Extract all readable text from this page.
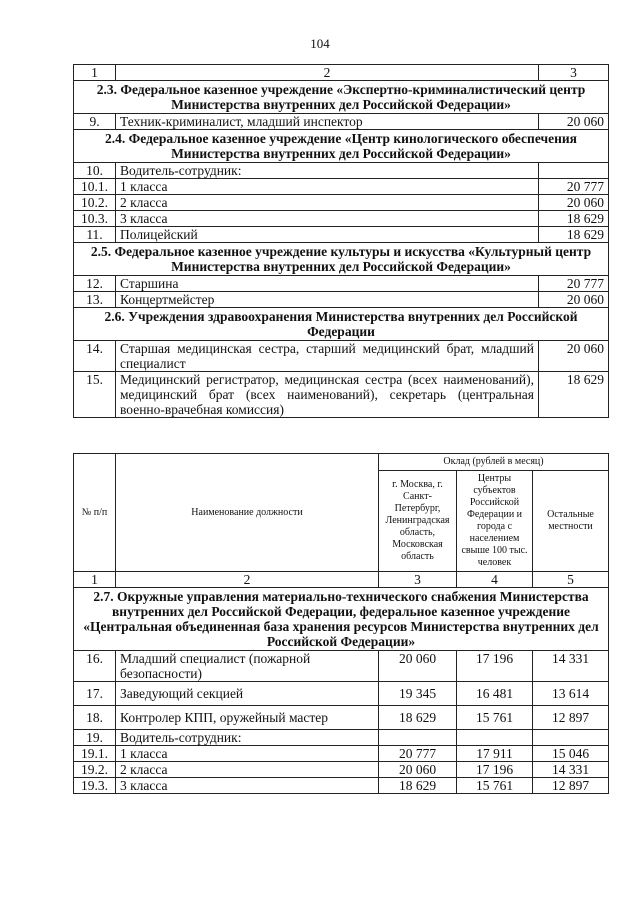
104
1	2	3
2.3. Федеральное казенное учреждение «Экспертно-криминалистический центр Министерства внутренних дел Российской Федерации»		
9.	Техник-криминалист, младший инспектор	20 060
2.4. Федеральное казенное учреждение «Центр кинологического обеспечения Министерства внутренних дел Российской Федерации»		
10.	Водитель-сотрудник:	
10.1.	1 класса	20 777
10.2.	2 класса	20 060
10.3.	3 класса	18 629
11.	Полицейский	18 629
2.5. Федеральное казенное учреждение культуры и искусства «Культурный центр Министерства внутренних дел Российской Федерации»		
12.	Старшина	20 777
13.	Концертмейстер	20 060
2.6. Учреждения здравоохранения Министерства внутренних дел Российской Федерации		
14.	Старшая медицинская сестра, старший медицинский брат, младший специалист	20 060
15.	Медицинский регистратор, медицинская сестра (всех наименований), медицинский брат (всех наименований), секретарь (центральная военно-врачебная комиссия)	18 629
№ п/п	Наименование должности	Оклад (рублей в месяц)		
		г. Москва, г. Санкт-Петербург, Ленинградская область, Московская область	Центры субъектов Российской Федерации и города с населением свыше 100 тыс. человек	Остальные местности
1	2	3	4	5
2.7. Окружные управления материально-технического снабжения Министерства внутренних дел Российской Федерации, федеральное казенное учреждение «Центральная объединенная база хранения ресурсов Министерства внутренних дел Российской Федерации»				
16.	Младший специалист (пожарной безопасности)	20 060	17 196	14 331
17.	Заведующий секцией	19 345	16 481	13 614
18.	Контролер КПП, оружейный мастер	18 629	15 761	12 897
19.	Водитель-сотрудник:			
19.1.	1 класса	20 777	17 911	15 046
19.2.	2 класса	20 060	17 196	14 331
19.3.	3 класса	18 629	15 761	12 897
